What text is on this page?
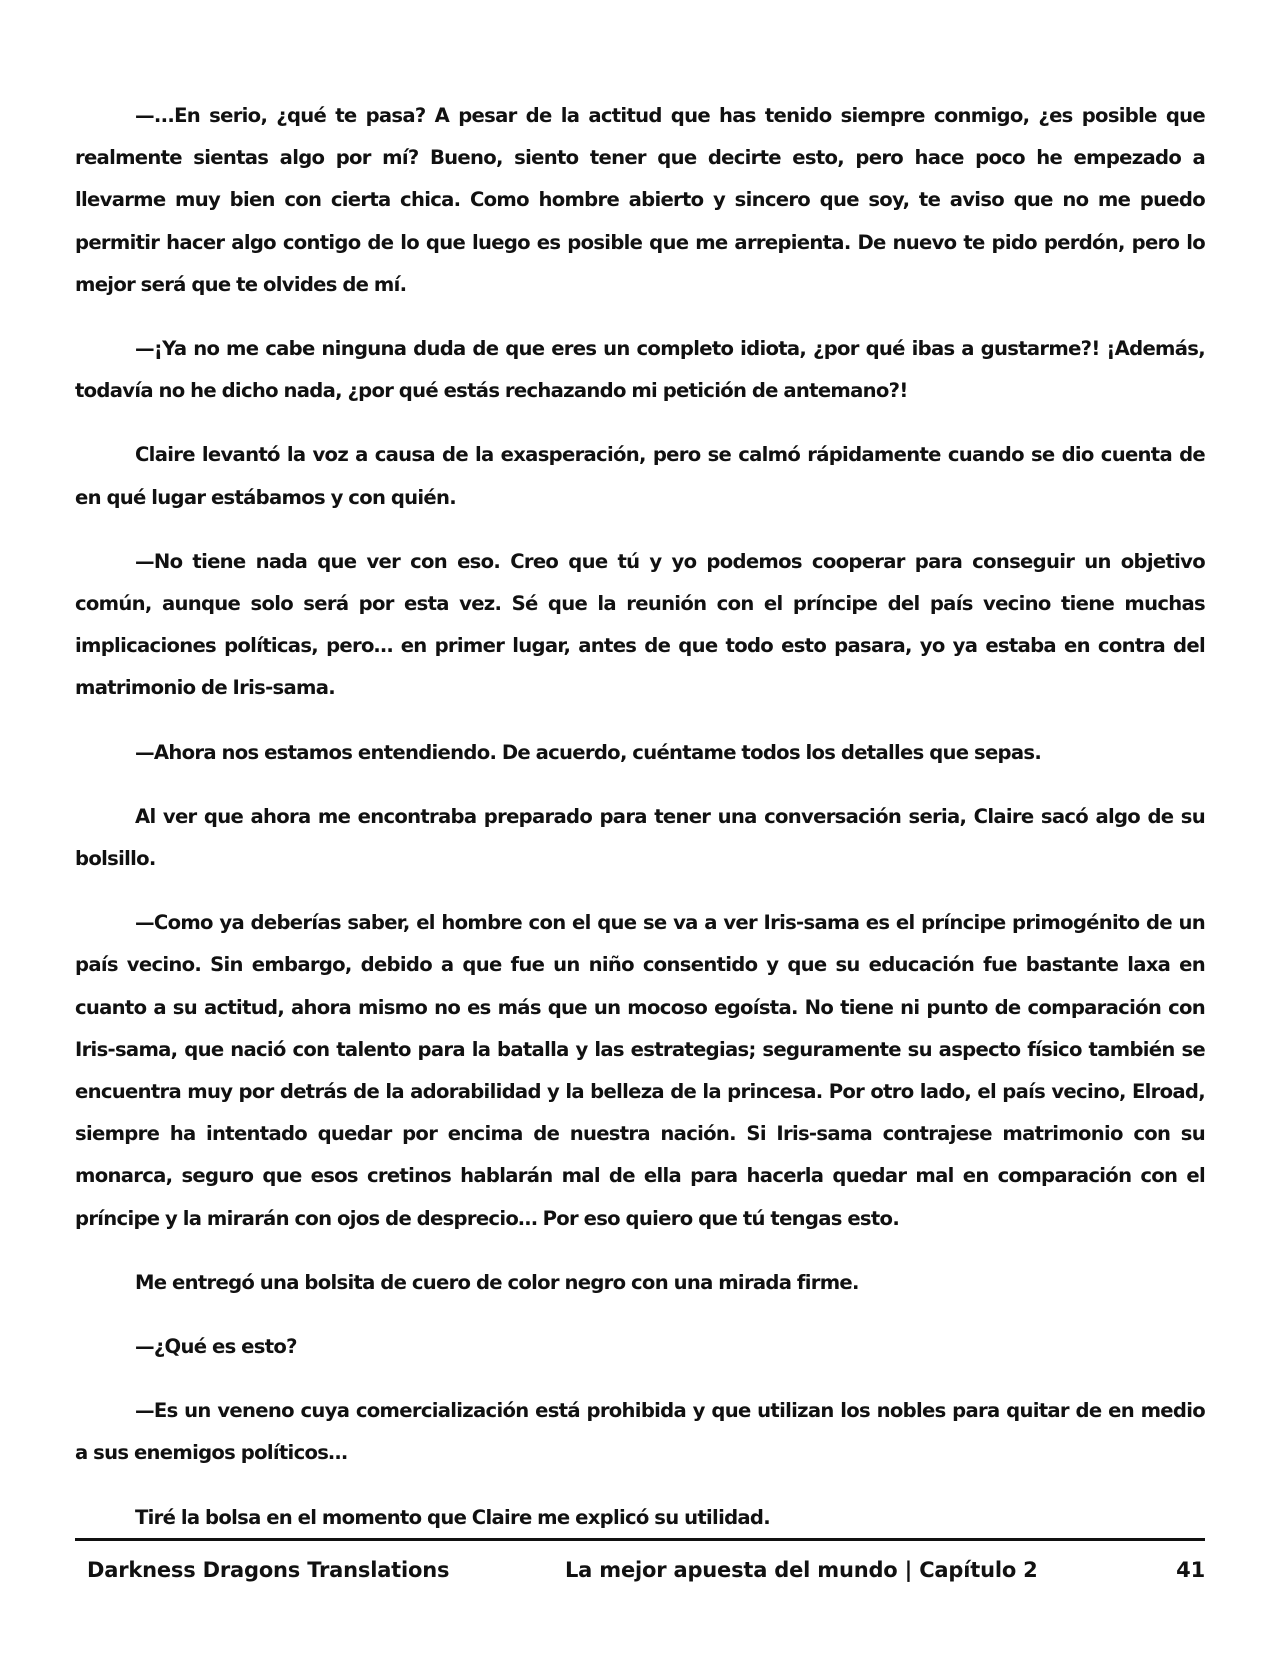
—...En serio, ¿qué te pasa? A pesar de la actitud que has tenido siempre conmigo, ¿es posible que realmente sientas algo por mí? Bueno, siento tener que decirte esto, pero hace poco he empezado a llevarme muy bien con cierta chica. Como hombre abierto y sincero que soy, te aviso que no me puedo permitir hacer algo contigo de lo que luego es posible que me arrepienta. De nuevo te pido perdón, pero lo mejor será que te olvides de mí.

—¡Ya no me cabe ninguna duda de que eres un completo idiota, ¿por qué ibas a gustarme?! ¡Además, todavía no he dicho nada, ¿por qué estás rechazando mi petición de antemano?!

Claire levantó la voz a causa de la exasperación, pero se calmó rápidamente cuando se dio cuenta de en qué lugar estábamos y con quién.

—No tiene nada que ver con eso. Creo que tú y yo podemos cooperar para conseguir un objetivo común, aunque solo será por esta vez. Sé que la reunión con el príncipe del país vecino tiene muchas implicaciones políticas, pero… en primer lugar, antes de que todo esto pasara, yo ya estaba en contra del matrimonio de Iris-sama.

—Ahora nos estamos entendiendo. De acuerdo, cuéntame todos los detalles que sepas.

Al ver que ahora me encontraba preparado para tener una conversación seria, Claire sacó algo de su bolsillo.

—Como ya deberías saber, el hombre con el que se va a ver Iris-sama es el príncipe primogénito de un país vecino. Sin embargo, debido a que fue un niño consentido y que su educación fue bastante laxa en cuanto a su actitud, ahora mismo no es más que un mocoso egoísta. No tiene ni punto de comparación con Iris-sama, que nació con talento para la batalla y las estrategias; seguramente su aspecto físico también se encuentra muy por detrás de la adorabilidad y la belleza de la princesa. Por otro lado, el país vecino, Elroad, siempre ha intentado quedar por encima de nuestra nación. Si Iris-sama contrajese matrimonio con su monarca, seguro que esos cretinos hablarán mal de ella para hacerla quedar mal en comparación con el príncipe y la mirarán con ojos de desprecio… Por eso quiero que tú tengas esto.

Me entregó una bolsita de cuero de color negro con una mirada firme.

—¿Qué es esto?

—Es un veneno cuya comercialización está prohibida y que utilizan los nobles para quitar de en medio a sus enemigos políticos…

Tiré la bolsa en el momento que Claire me explicó su utilidad.

Darkness Dragons Translations	La mejor apuesta del mundo | Capítulo 2	41
